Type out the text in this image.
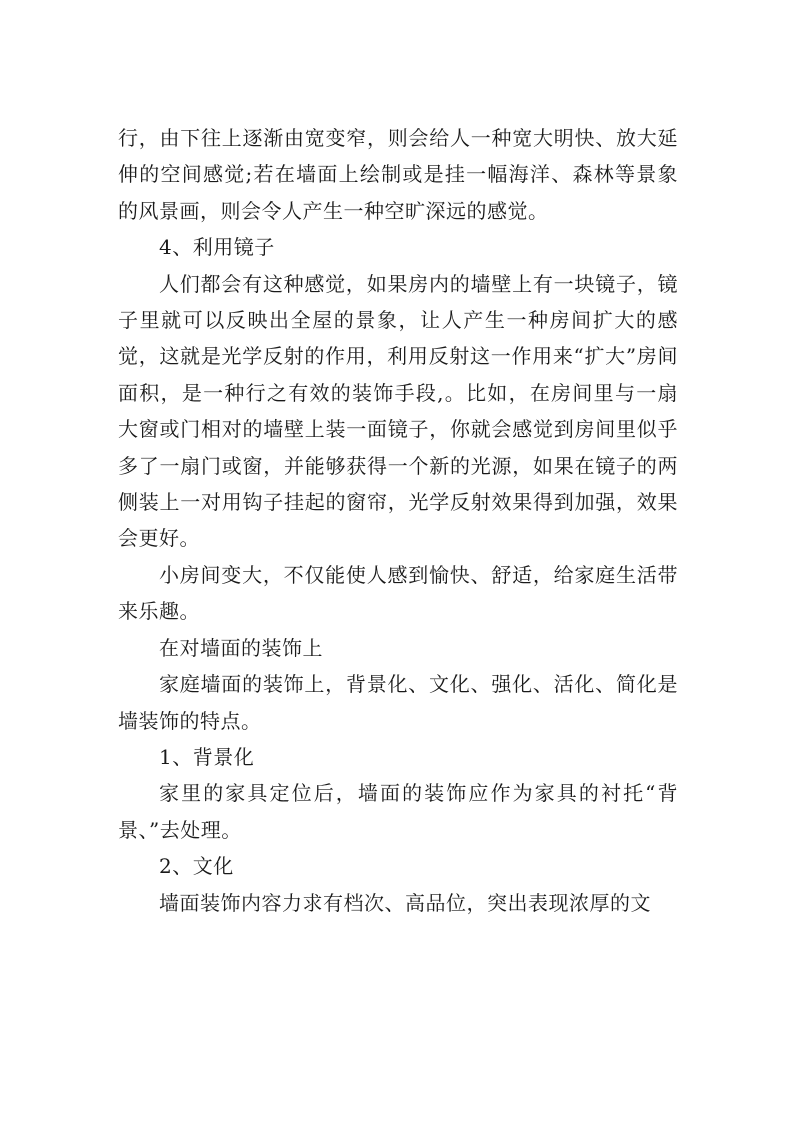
行，由下往上逐渐由宽变窄，则会给人一种宽大明快、放大延伸的空间感觉;若在墙面上绘制或是挂一幅海洋、森林等景象的风景画，则会令人产生一种空旷深远的感觉。

4、利用镜子

人们都会有这种感觉，如果房内的墙壁上有一块镜子，镜子里就可以反映出全屋的景象，让人产生一种房间扩大的感觉，这就是光学反射的作用，利用反射这一作用来“扩大”房间面积，是一种行之有效的装饰手段,。比如，在房间里与一扇大窗或门相对的墙壁上装一面镜子，你就会感觉到房间里似乎多了一扇门或窗，并能够获得一个新的光源，如果在镜子的两侧装上一对用钩子挂起的窗帘，光学反射效果得到加强，效果会更好。

小房间变大，不仅能使人感到愉快、舒适，给家庭生活带来乐趣。

在对墙面的装饰上

家庭墙面的装饰上，背景化、文化、强化、活化、简化是墙装饰的特点。

1、背景化

家里的家具定位后，墙面的装饰应作为家具的衬托“背景、”去处理。

2、文化

墙面装饰内容力求有档次、高品位，突出表现浓厚的文
